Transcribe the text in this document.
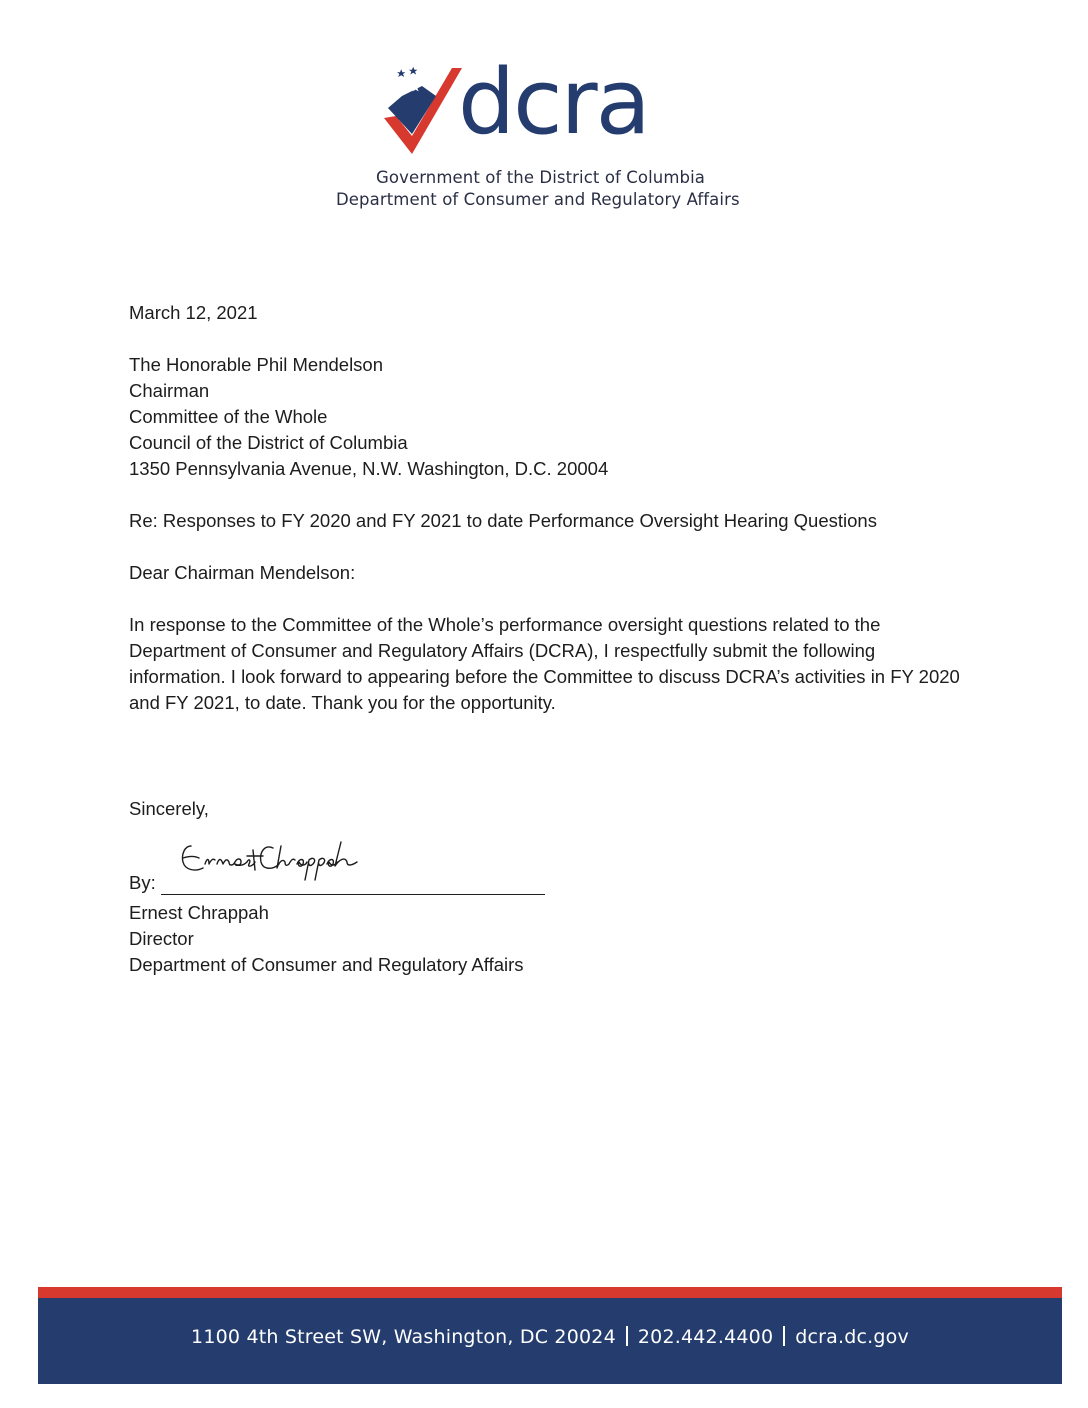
dcra
Government of the District of Columbia
Department of Consumer and Regulatory Affairs

March 12, 2021

The Honorable Phil Mendelson
Chairman
Committee of the Whole
Council of the District of Columbia
1350 Pennsylvania Avenue, N.W. Washington, D.C. 20004

Re: Responses to FY 2020 and FY 2021 to date Performance Oversight Hearing Questions

Dear Chairman Mendelson:

In response to the Committee of the Whole’s performance oversight questions related to the Department of Consumer and Regulatory Affairs (DCRA), I respectfully submit the following information. I look forward to appearing before the Committee to discuss DCRA’s activities in FY 2020 and FY 2021, to date. Thank you for the opportunity.

Sincerely,

By:
Ernest Chrappah
Director
Department of Consumer and Regulatory Affairs
1100 4th Street SW, Washington, DC 20024 202.442.4400 dcra.dc.gov
